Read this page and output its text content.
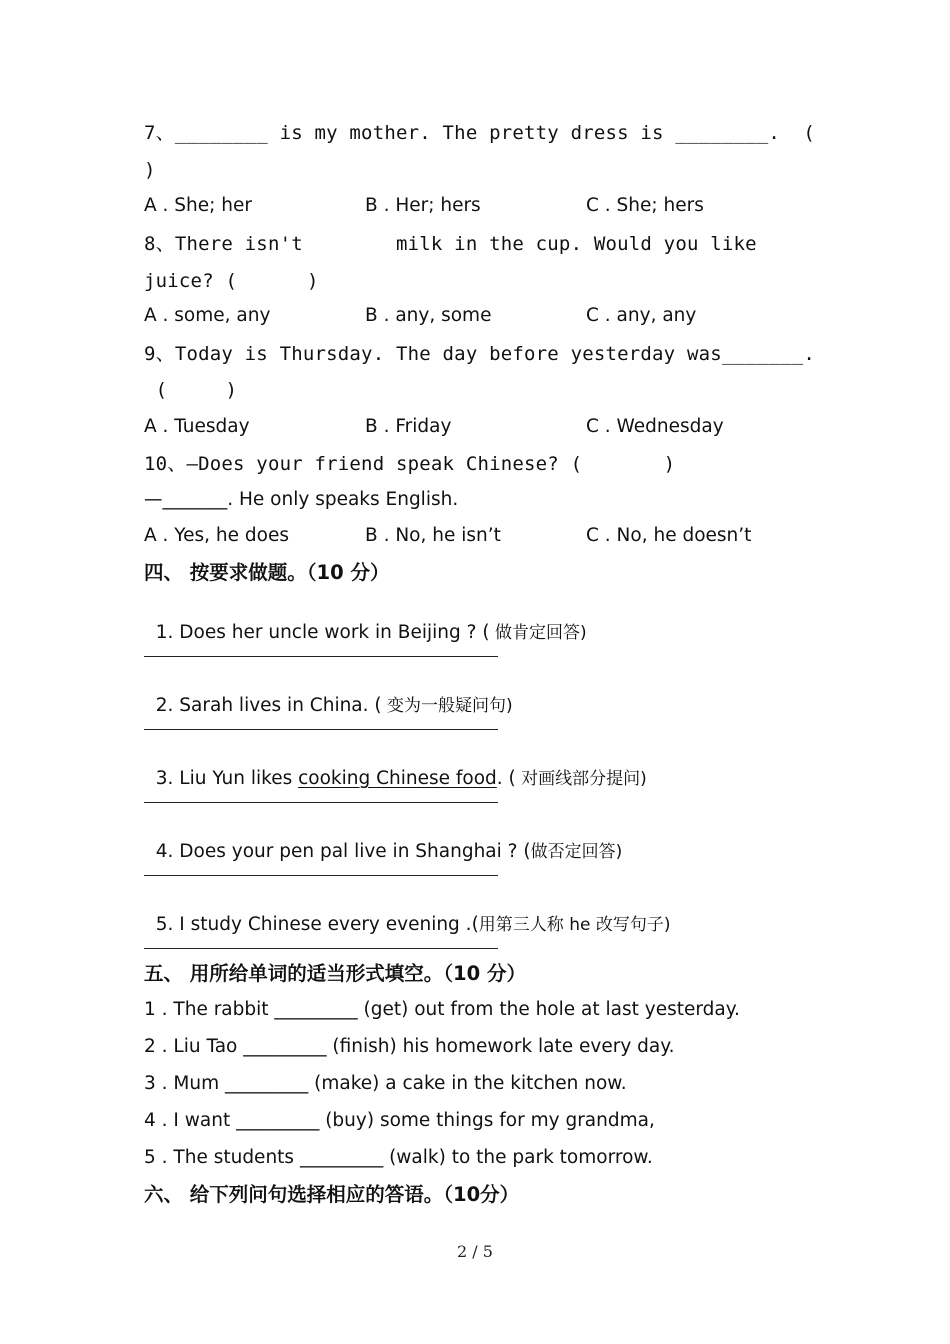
7、________ is my mother. The pretty dress is ________.  (
)
A . She; her	B . Her; hers	C . She; hers
8、There isn't        milk in the cup. Would you like
juice? (      )
A . some, any	B . any, some	C . any, any
9、Today is Thursday. The day before yesterday was_______.
(     )
A . Tuesday	B . Friday	C . Wednesday
10、—Does your friend speak Chinese? (       )
—_______. He only speaks English.
A . Yes, he does	B . No, he isn’t	C . No, he doesn’t
四、 按要求做题。（10 分）

1. Does her uncle work in Beijing ? ( 做肯定回答)

2. Sarah lives in China. ( 变为一般疑问句)

3. Liu Yun likes cooking Chinese food. ( 对画线部分提问)

4. Does your pen pal live in Shanghai ? (做否定回答)

5. I study Chinese every evening .(用第三人称 he 改写句子)

五、 用所给单词的适当形式填空。（10 分）
1 . The rabbit _________ (get) out from the hole at last yesterday.
2 . Liu Tao _________ (finish) his homework late every day.
3 . Mum _________ (make) a cake in the kitchen now.
4 . I want _________ (buy) some things for my grandma,
5 . The students _________ (walk) to the park tomorrow.
六、 给下列问句选择相应的答语。（10分）
2 / 5
